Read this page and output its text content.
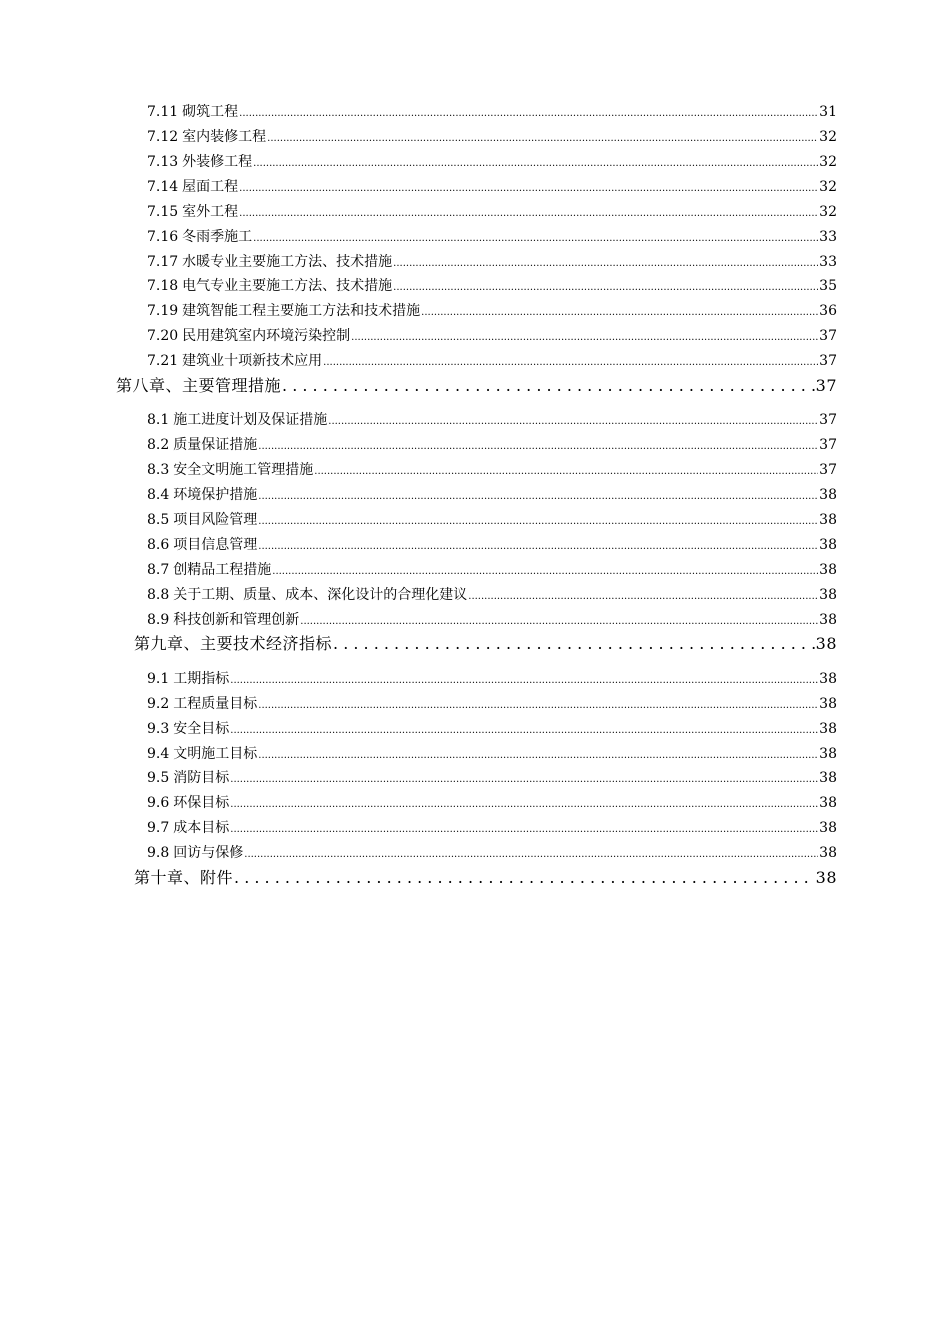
7.11 砌筑工程 .....	31
7.12 室内装修工程 .....	32
7.13 外装修工程 .....	32
7.14 屋面工程 .....	32
7.15 室外工程 .....	32
7.16 冬雨季施工 .....	33
7.17 水暖专业主要施工方法、技术措施 .....	33
7.18 电气专业主要施工方法、技术措施 .....	35
7.19 建筑智能工程主要施工方法和技术措施 .....	36
7.20 民用建筑室内环境污染控制 .....	37
7.21 建筑业十项新技术应用 .....	37
第八章、主要管理措施 . . .	37
8.1 施工进度计划及保证措施 .....	37
8.2 质量保证措施 .....	37
8.3 安全文明施工管理措施 .....	37
8.4 环境保护措施 .....	38
8.5 项目风险管理 .....	38
8.6 项目信息管理 .....	38
8.7 创精品工程措施 .....	38
8.8 关于工期、质量、成本、深化设计的合理化建议 .....	38
8.9 科技创新和管理创新 .....	38
第九章、主要技术经济指标 . . .	38
9.1 工期指标 .....	38
9.2 工程质量目标 .....	38
9.3 安全目标 .....	38
9.4 文明施工目标 .....	38
9.5 消防目标 .....	38
9.6 环保目标 .....	38
9.7 成本目标 .....	38
9.8 回访与保修 .....	38
第十章、附件 . . .	38
